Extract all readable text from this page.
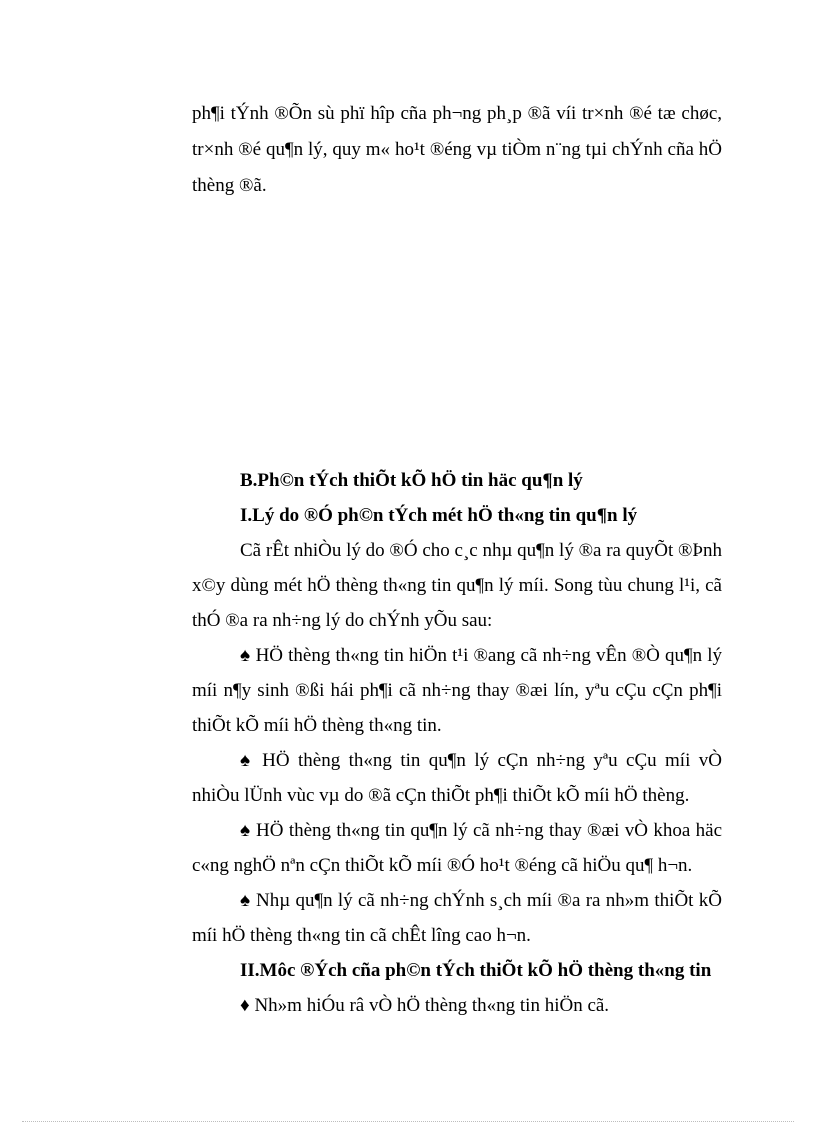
ph¶i tÝnh ®Õn sù phï hîp cña ph¬ng ph¸p ®ã víi tr×nh ®é tæ chøc,
tr×nh ®é qu¶n lý, quy m« ho¹t ®éng vµ tiÒm n¨ng tµi chÝnh cña hÖ
thèng ®ã.
B.Ph©n tÝch thiÕt kÕ hÖ tin häc qu¶n lý
I.Lý do ®Ó ph©n tÝch mét hÖ th«ng tin qu¶n lý
Cã rÊt nhiÒu lý do ®Ó cho c¸c nhµ qu¶n lý ®a ra quyÕt ®Þnh
x©y dùng mét hÖ thèng th«ng tin qu¶n lý míi. Song tùu chung l¹i, cã
thÓ ®a ra nh÷ng lý do chÝnh yÕu sau:
♠ HÖ thèng th«ng tin hiÖn t¹i ®ang cã nh÷ng vÊn ®Ò qu¶n lý
míi n¶y sinh ®ßi hái ph¶i cã nh÷ng thay ®æi lín, yªu cÇu cÇn ph¶i
thiÕt kÕ míi hÖ thèng th«ng tin.
♠ HÖ thèng th«ng tin qu¶n lý cÇn nh÷ng yªu cÇu míi vÒ
nhiÒu lÜnh vùc vµ do ®ã cÇn thiÕt ph¶i thiÕt kÕ míi hÖ thèng.
♠ HÖ thèng th«ng tin qu¶n lý cã nh÷ng thay ®æi vÒ khoa häc
c«ng nghÖ nªn cÇn thiÕt kÕ míi ®Ó ho¹t ®éng cã hiÖu qu¶ h¬n.
♠ Nhµ qu¶n lý cã nh÷ng chÝnh s¸ch míi ®a ra nh»m thiÕt kÕ
míi hÖ thèng th«ng tin cã chÊt lîng cao h¬n.
II.Môc ®Ých cña ph©n tÝch thiÕt kÕ hÖ thèng th«ng tin
♦ Nh»m hiÓu râ vÒ hÖ thèng th«ng tin hiÖn cã.
